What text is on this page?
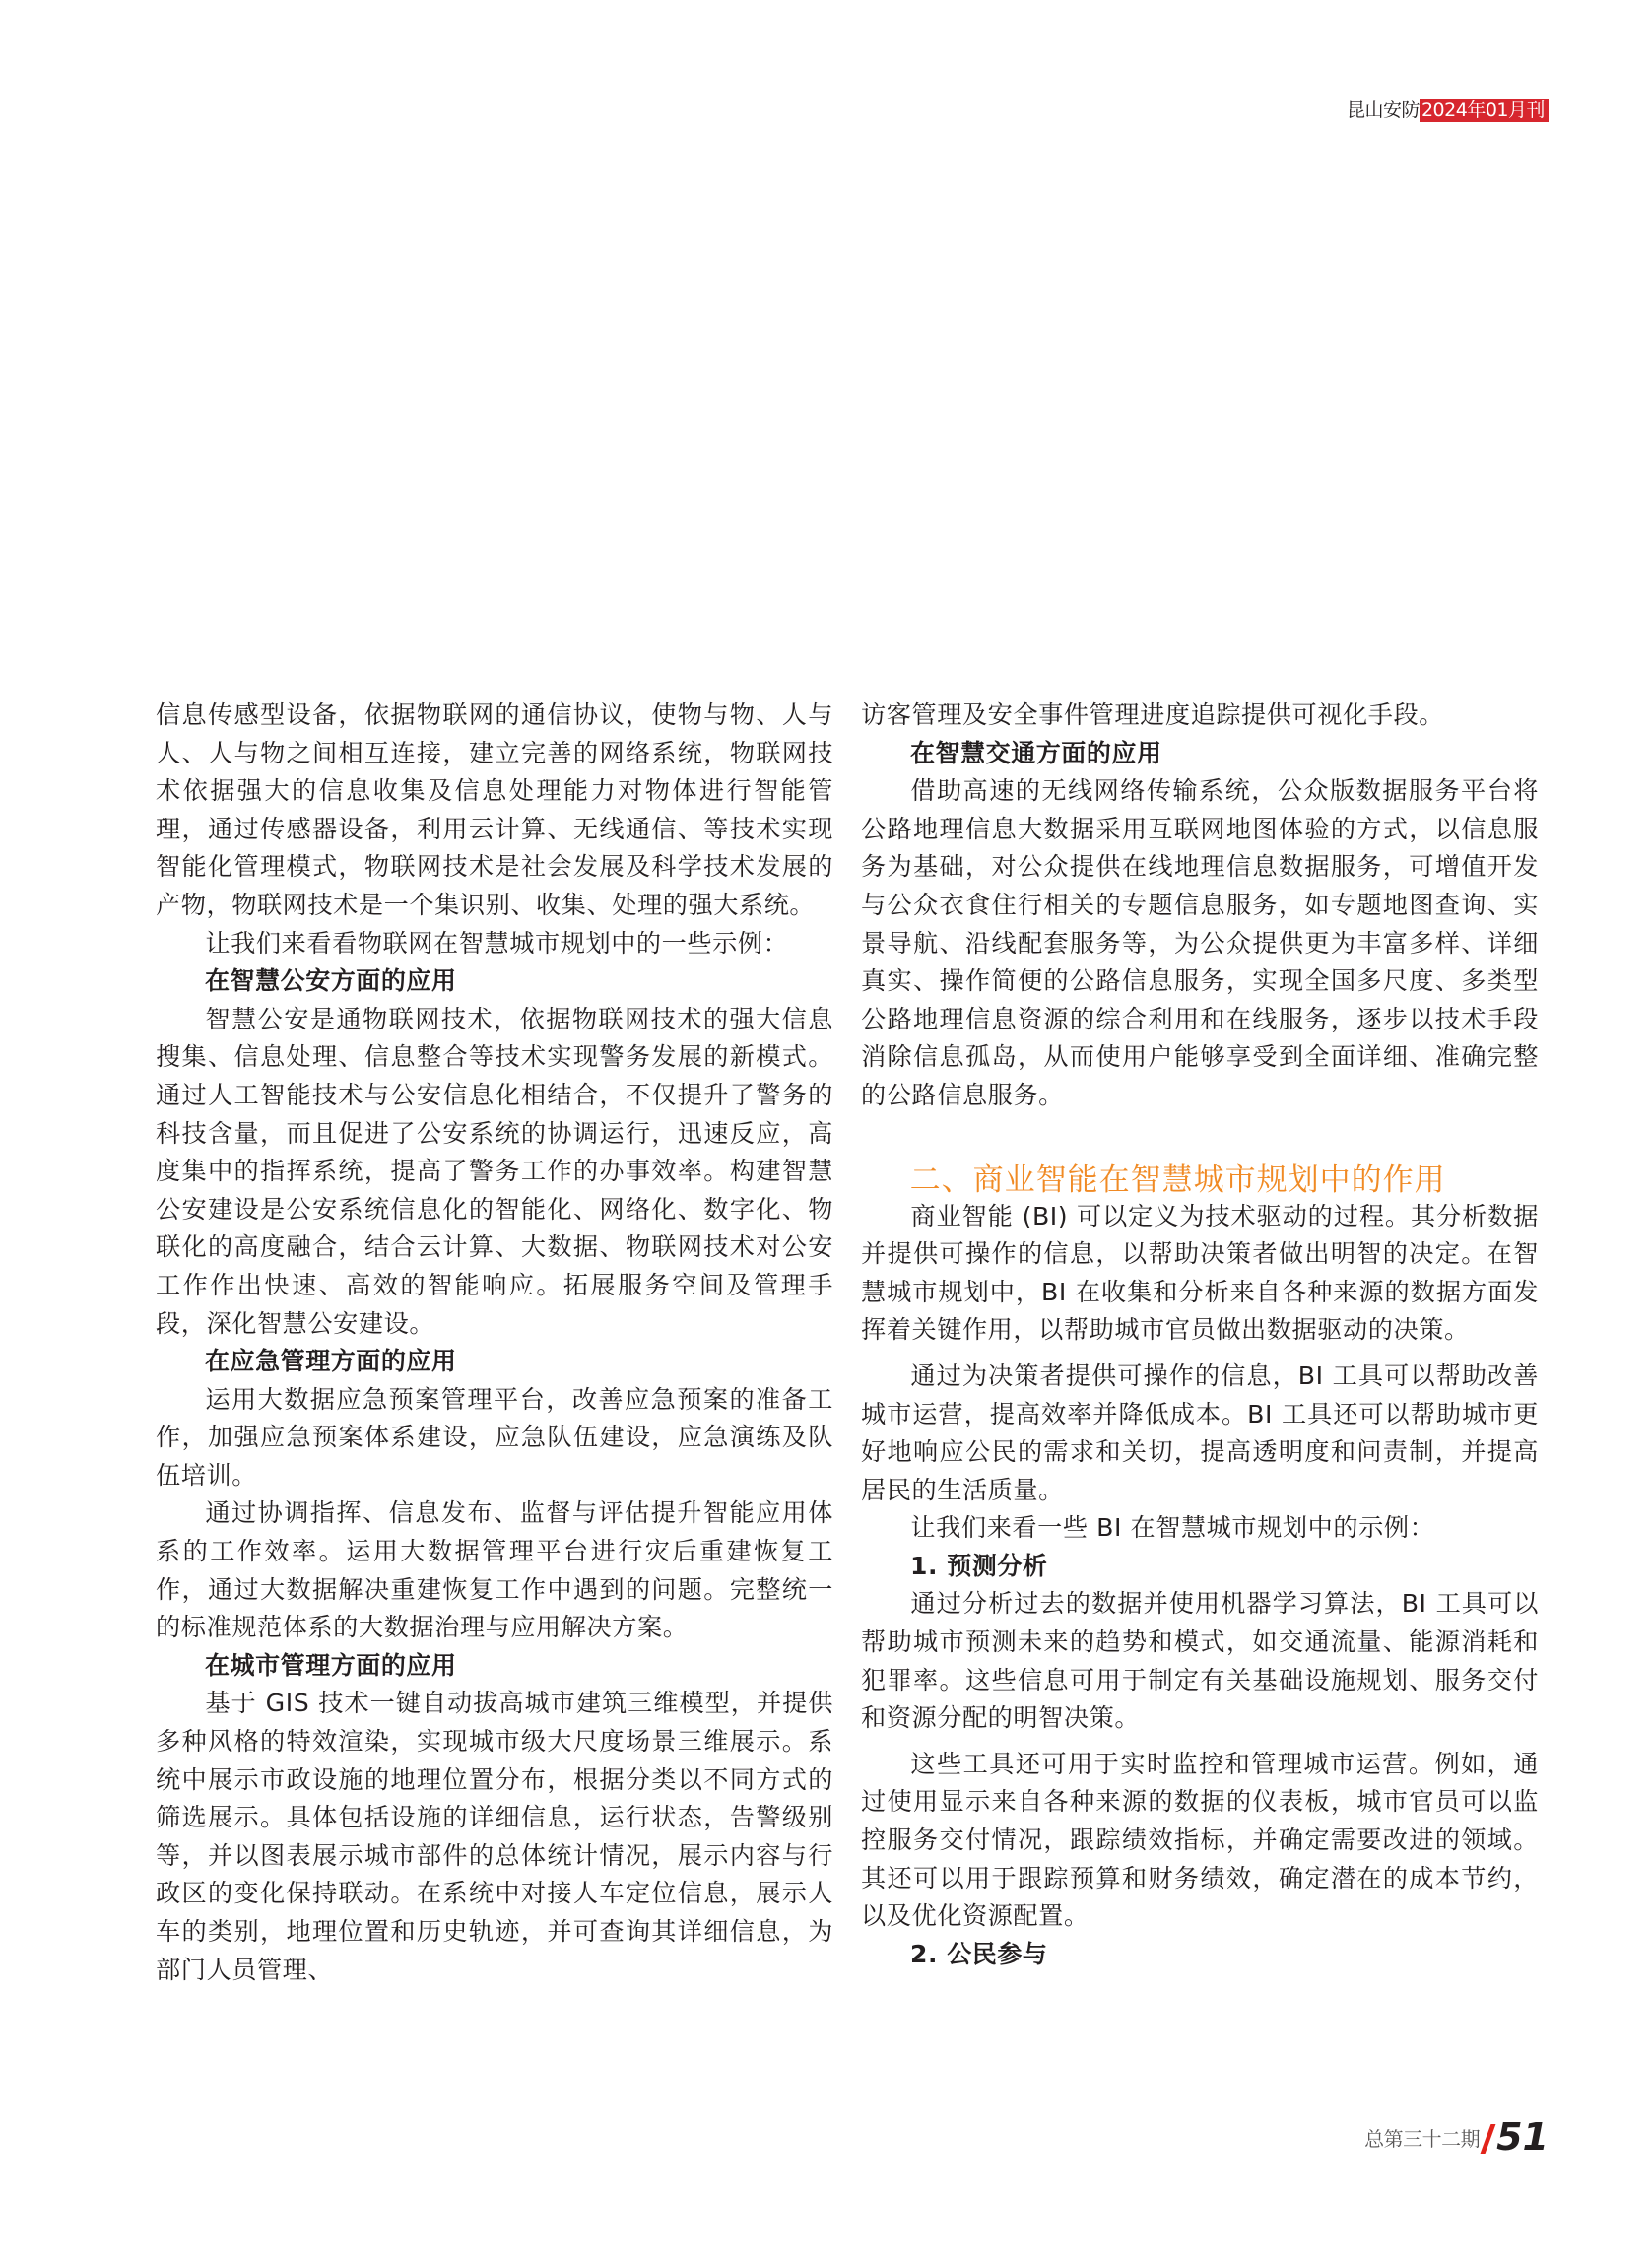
昆山安防 2024年01月刊

信息传感型设备，依据物联网的通信协议，使物与物、人与人、人与物之间相互连接，建立完善的网络系统，物联网技术依据强大的信息收集及信息处理能力对物体进行智能管理，通过传感器设备，利用云计算、无线通信、等技术实现智能化管理模式，物联网技术是社会发展及科学技术发展的产物，物联网技术是一个集识别、收集、处理的强大系统。

让我们来看看物联网在智慧城市规划中的一些示例：

在智慧公安方面的应用

智慧公安是通物联网技术，依据物联网技术的强大信息搜集、信息处理、信息整合等技术实现警务发展的新模式。通过人工智能技术与公安信息化相结合，不仅提升了警务的科技含量，而且促进了公安系统的协调运行，迅速反应，高度集中的指挥系统，提高了警务工作的办事效率。构建智慧公安建设是公安系统信息化的智能化、网络化、数字化、物联化的高度融合，结合云计算、大数据、物联网技术对公安工作作出快速、高效的智能响应。拓展服务空间及管理手段，深化智慧公安建设。

在应急管理方面的应用

运用大数据应急预案管理平台，改善应急预案的准备工作，加强应急预案体系建设，应急队伍建设，应急演练及队伍培训。

通过协调指挥、信息发布、监督与评估提升智能应用体系的工作效率。运用大数据管理平台进行灾后重建恢复工作，通过大数据解决重建恢复工作中遇到的问题。完整统一的标准规范体系的大数据治理与应用解决方案。

在城市管理方面的应用

基于 GIS 技术一键自动拔高城市建筑三维模型，并提供多种风格的特效渲染，实现城市级大尺度场景三维展示。系统中展示市政设施的地理位置分布，根据分类以不同方式的筛选展示。具体包括设施的详细信息，运行状态，告警级别等，并以图表展示城市部件的总体统计情况，展示内容与行政区的变化保持联动。在系统中对接人车定位信息，展示人车的类别，地理位置和历史轨迹，并可查询其详细信息，为部门人员管理、

访客管理及安全事件管理进度追踪提供可视化手段。

在智慧交通方面的应用

借助高速的无线网络传输系统，公众版数据服务平台将公路地理信息大数据采用互联网地图体验的方式，以信息服务为基础，对公众提供在线地理信息数据服务，可增值开发与公众衣食住行相关的专题信息服务，如专题地图查询、实景导航、沿线配套服务等，为公众提供更为丰富多样、详细真实、操作简便的公路信息服务，实现全国多尺度、多类型公路地理信息资源的综合利用和在线服务，逐步以技术手段消除信息孤岛，从而使用户能够享受到全面详细、准确完整的公路信息服务。

二、商业智能在智慧城市规划中的作用

商业智能 (BI) 可以定义为技术驱动的过程。其分析数据并提供可操作的信息，以帮助决策者做出明智的决定。在智慧城市规划中，BI 在收集和分析来自各种来源的数据方面发挥着关键作用，以帮助城市官员做出数据驱动的决策。

通过为决策者提供可操作的信息，BI 工具可以帮助改善城市运营，提高效率并降低成本。BI 工具还可以帮助城市更好地响应公民的需求和关切，提高透明度和问责制，并提高居民的生活质量。

让我们来看一些 BI 在智慧城市规划中的示例：

1. 预测分析

通过分析过去的数据并使用机器学习算法，BI 工具可以帮助城市预测未来的趋势和模式，如交通流量、能源消耗和犯罪率。这些信息可用于制定有关基础设施规划、服务交付和资源分配的明智决策。

这些工具还可用于实时监控和管理城市运营。例如，通过使用显示来自各种来源的数据的仪表板，城市官员可以监控服务交付情况，跟踪绩效指标，并确定需要改进的领域。其还可以用于跟踪预算和财务绩效，确定潜在的成本节约，以及优化资源配置。

2. 公民参与
总第三十二期 51
